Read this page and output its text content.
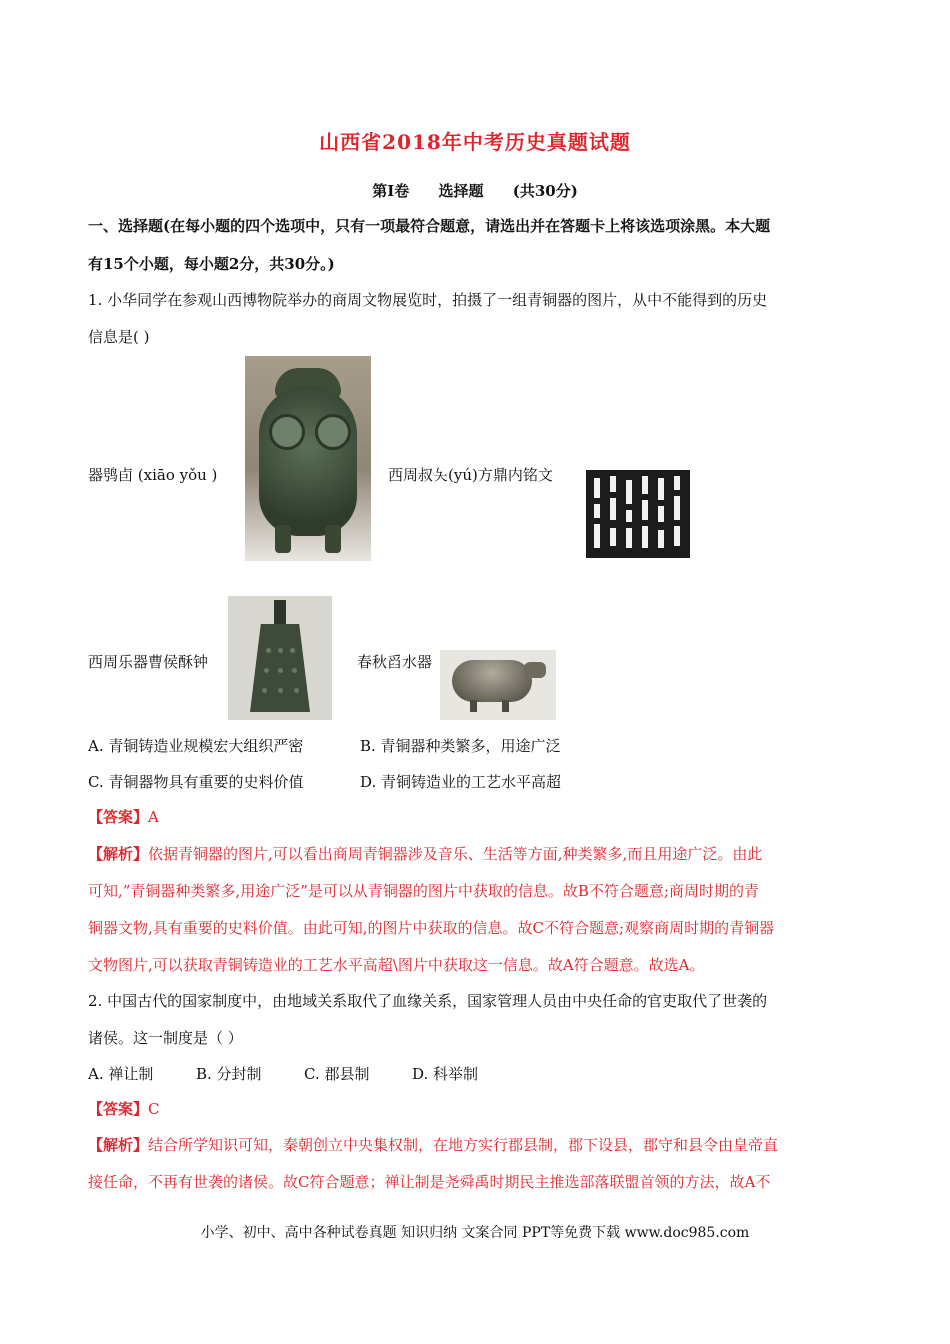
山西省2018年中考历史真题试题
第I卷 选择题 (共30分)
一、选择题(在每小题的四个选项中，只有一项最符合题意，请选出并在答题卡上将该选项涂黑。本大题
有15个小题，每小题2分，共30分。)
1. 小华同学在参观山西博物院举办的商周文物展览时，拍摄了一组青铜器的图片，从中不能得到的历史
信息是( )
器鸮卣 (xiāo yǒu )	西周叔夨(yú)方鼎内铭文
西周乐器曹侯酥钟	春秋舀水器
A. 青铜铸造业规模宏大组织严密	B. 青铜器种类繁多，用途广泛
C. 青铜器物具有重要的史料价值	D. 青铜铸造业的工艺水平高超
【答案】A
【解析】依据青铜器的图片,可以看出商周青铜器涉及音乐、生活等方面,种类繁多,而且用途广泛。由此
可知,”青铜器种类繁多,用途广泛”是可以从青铜器的图片中获取的信息。故B不符合题意;商周时期的青
铜器文物,具有重要的史料价值。由此可知,的图片中获取的信息。故C不符合题意;观察商周时期的青铜器
文物图片,可以获取青铜铸造业的工艺水平高超\图片中获取这一信息。故A符合题意。故选A。
2. 中国古代的国家制度中，由地域关系取代了血缘关系，国家管理人员由中央任命的官吏取代了世袭的
诸侯。这一制度是（ ）
A. 禅让制	B. 分封制	C. 郡县制	D. 科举制
【答案】C
【解析】结合所学知识可知，秦朝创立中央集权制，在地方实行郡县制，郡下设县，郡守和县令由皇帝直
接任命，不再有世袭的诸侯。故C符合题意；禅让制是尧舜禹时期民主推选部落联盟首领的方法，故A不
小学、初中、高中各种试卷真题 知识归纳 文案合同 PPT等免费下载 www.doc985.com
